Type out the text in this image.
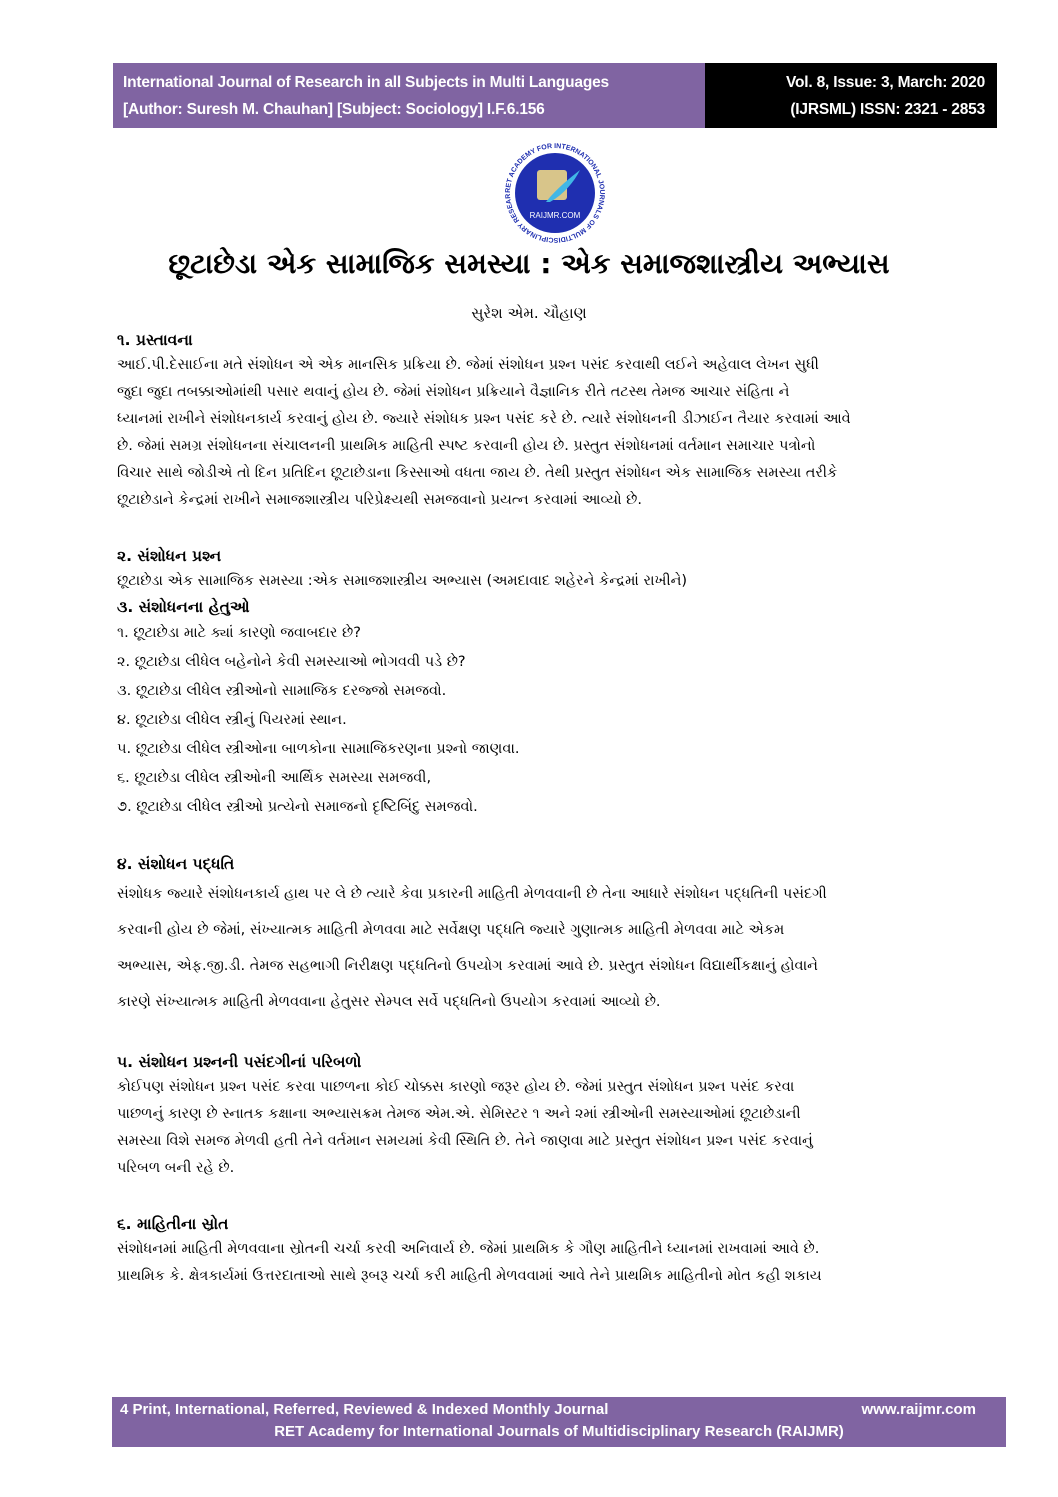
International Journal of Research in all Subjects in Multi Languages
[Author: Suresh M. Chauhan] [Subject: Sociology] I.F.6.156
Vol. 8, Issue: 3, March: 2020
(IJRSML) ISSN: 2321 - 2853
RET ACADEMY FOR INTERNATIONAL JOURNALS OF MULTIDISCIPLINARY RESEAR
RAIJMR.COM
છૂટાછેડા એક સામાજિક સમસ્યા : એક સમાજશાસ્ત્રીય અભ્યાસ
સુરેશ એમ. ચૌહાણ

૧. પ્રસ્તાવના

આઈ.પી.દેસાઈના મતે સંશોધન એ એક માનસિક પ્રક્રિયા છે. જેમાં સંશોધન પ્રશ્ન પસંદ કરવાથી લઈને અહેવાલ લેખન સુધી

જુદા જુદા તબક્કાઓમાંથી પસાર થવાનું હોય છે. જેમાં સંશોધન પ્રક્રિયાને વૈજ્ઞાનિક રીતે તટસ્થ તેમજ આચાર સંહિતા ને

ધ્યાનમાં રાખીને સંશોધનકાર્ય કરવાનું હોય છે. જ્યારે સંશોધક પ્રશ્ન પસંદ કરે છે. ત્યારે સંશોધનની ડીઝાઈન તૈયાર કરવામાં આવે

છે. જેમાં સમગ્ર સંશોધનના સંચાલનની પ્રાથમિક માહિતી સ્પષ્ટ કરવાની હોય છે. પ્રસ્તુત સંશોધનમાં વર્તમાન સમાચાર પત્રોનો

વિચાર સાથે જોડીએ તો દિન પ્રતિદિન છૂટાછેડાના કિસ્સાઓ વધતા જાય છે. તેથી પ્રસ્તુત સંશોધન એક સામાજિક સમસ્યા તરીકે

છૂટાછેડાને કેન્દ્રમાં રાખીને સમાજશાસ્ત્રીય પરિપ્રેક્ષ્યથી સમજવાનો પ્રયત્ન કરવામાં આવ્યો છે.

૨. સંશોધન પ્રશ્ન

છૂટાછેડા એક સામાજિક સમસ્યા :એક સમાજશાસ્ત્રીય અભ્યાસ (અમદાવાદ શહેરને કેન્દ્રમાં રાખીને)

૩. સંશોધનના હેતુઓ

૧. છૂટાછેડા માટે ક્યાં કારણો જવાબદાર છે?

૨. છૂટાછેડા લીધેલ બહેનોને કેવી સમસ્યાઓ ભોગવવી પડે છે?

૩. છૂટાછેડા લીધેલ સ્ત્રીઓનો સામાજિક દરજ્જો સમજવો.

૪. છૂટાછેડા લીધેલ સ્ત્રીનું પિયરમાં સ્થાન.

૫. છૂટાછેડા લીધેલ સ્ત્રીઓના બાળકોના સામાજિકરણના પ્રશ્નો જાણવા.

૬. છૂટાછેડા લીધેલ સ્ત્રીઓની આર્થિક સમસ્યા સમજવી,

૭. છૂટાછેડા લીધેલ સ્ત્રીઓ પ્રત્યેનો સમાજનો દૃષ્ટિબિંદુ સમજવો.

૪. સંશોધન પદ્ધતિ

સંશોધક જ્યારે સંશોધનકાર્ય હાથ પર લે છે ત્યારે કેવા પ્રકારની માહિતી મેળવવાની છે તેના આધારે સંશોધન પદ્ધતિની પસંદગી

કરવાની હોય છે જેમાં, સંખ્યાત્મક માહિતી મેળવવા માટે સર્વેક્ષણ પદ્ધતિ જ્યારે ગુણાત્મક માહિતી મેળવવા માટે એકમ

અભ્યાસ, એફ.જી.ડી. તેમજ સહભાગી નિરીક્ષણ પદ્ધતિનો ઉપયોગ કરવામાં આવે છે. પ્રસ્તુત સંશોધન વિદ્યાર્થીકક્ષાનું હોવાને

કારણે સંખ્યાત્મક માહિતી મેળવવાના હેતુસર સેમ્પલ સર્વે પદ્ધતિનો ઉપયોગ કરવામાં આવ્યો છે.

૫. સંશોધન પ્રશ્નની પસંદગીનાં પરિબળો

કોઈપણ સંશોધન પ્રશ્ન પસંદ કરવા પાછળના કોઈ ચોક્કસ કારણો જરૂર હોય છે. જેમાં પ્રસ્તુત સંશોધન પ્રશ્ન પસંદ કરવા

પાછળનું કારણ છે સ્નાતક કક્ષાના અભ્યાસક્રમ તેમજ એમ.એ. સેમિસ્ટર ૧ અને ૨માં સ્ત્રીઓની સમસ્યાઓમાં છૂટાછેડાની

સમસ્યા વિશે સમજ મેળવી હતી તેને વર્તમાન સમયમાં કેવી સ્થિતિ છે. તેને જાણવા માટે પ્રસ્તુત સંશોધન પ્રશ્ન પસંદ કરવાનું

પરિબળ બની રહે છે.

૬. માહિતીના સ્રોત

સંશોધનમાં માહિતી મેળવવાના સ્રોતની ચર્ચા કરવી અનિવાર્ય છે. જેમાં પ્રાથમિક કે ગૌણ માહિતીને ધ્યાનમાં રાખવામાં આવે છે.

પ્રાથમિક કે. ક્ષેત્રકાર્યમાં ઉત્તરદાતાઓ સાથે રૂબરૂ ચર્ચા કરી માહિતી મેળવવામાં આવે તેને પ્રાથમિક માહિતીનો મોત કહી શકાય

4 Print, International, Referred, Reviewed & Indexed Monthly Journal	www.raijmr.com
RET Academy for International Journals of Multidisciplinary Research (RAIJMR)
